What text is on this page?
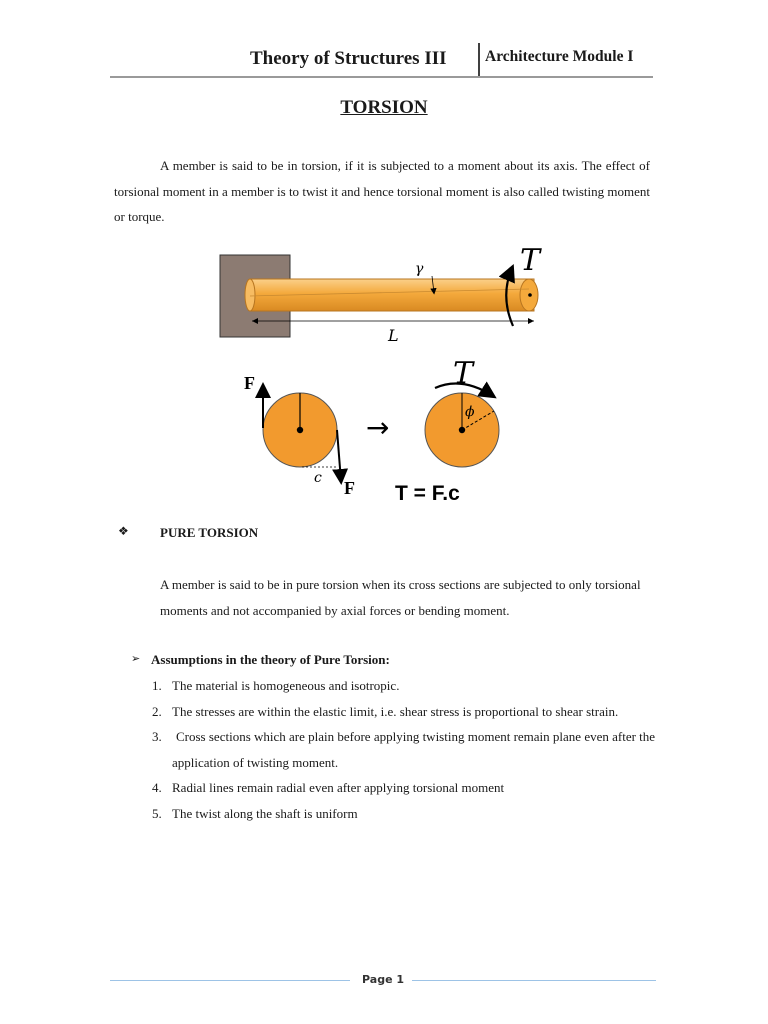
Theory of Structures III Architecture Module I
TORSION

A member is said to be in torsion, if it is subjected to a moment about its axis. The effect of torsional moment in a member is to twist it and hence torsional moment is also called twisting moment or torque.

γ	T
L
F
F
c
→
T
ϕ
T = F.c
❖ PURE TORSION
A member is said to be in pure torsion when its cross sections are subjected to only torsional moments and not accompanied by axial forces or bending moment.
➢ Assumptions in the theory of Pure Torsion:
1. The material is homogeneous and isotropic.
2. The stresses are within the elastic limit, i.e. shear stress is proportional to shear strain.
3. Cross sections which are plain before applying twisting moment remain plane even after the application of twisting moment.
4. Radial lines remain radial even after applying torsional moment
5. The twist along the shaft is uniform
Page 1
